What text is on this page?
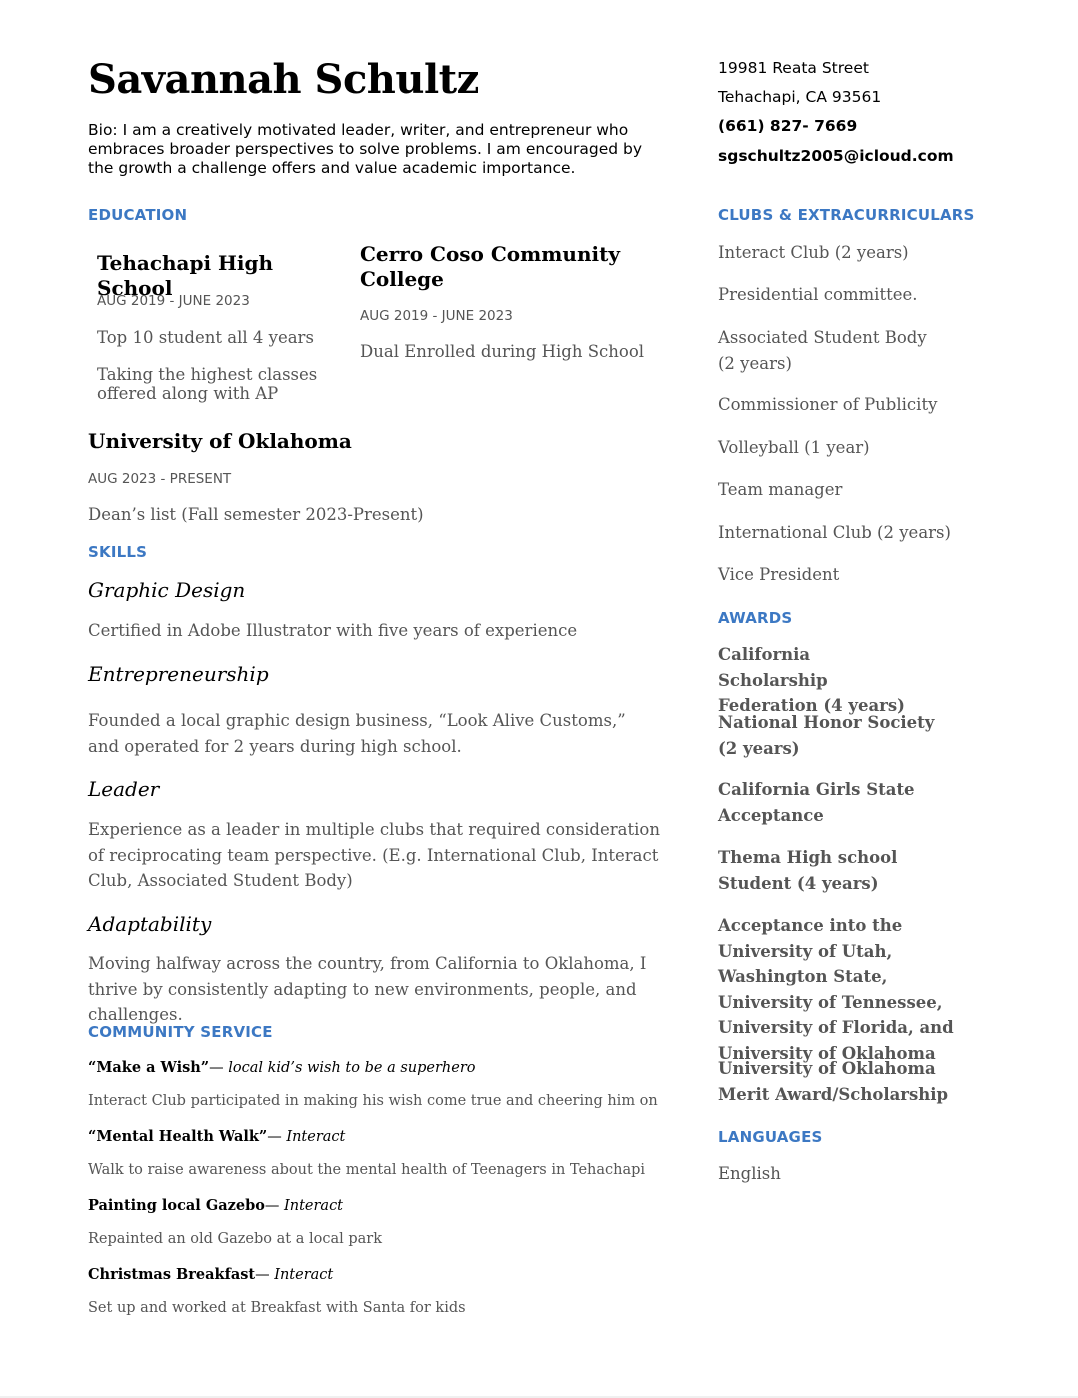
Savannah Schultz
Bio: I am a creatively motivated leader, writer, and entrepreneur who embraces broader perspectives to solve problems. I am encouraged by the growth a challenge offers and value academic importance.
19981 Reata Street
Tehachapi, CA 93561
(661) 827- 7669
sgschultz2005@icloud.com
EDUCATION
Tehachapi High School
AUG 2019 - JUNE 2023
Top 10 student all 4 years
Taking the highest classes offered along with AP
Cerro Coso Community College
AUG 2019 - JUNE 2023
Dual Enrolled during High School
University of Oklahoma
AUG 2023 - PRESENT
Dean’s list (Fall semester 2023-Present)
SKILLS
Graphic Design
Certified in Adobe Illustrator with five years of experience
Entrepreneurship
Founded a local graphic design business, “Look Alive Customs,” and operated for 2 years during high school.
Leader
Experience as a leader in multiple clubs that required consideration of reciprocating team perspective. (E.g. International Club, Interact Club, Associated Student Body)
Adaptability
Moving halfway across the country, from California to Oklahoma, I thrive by consistently adapting to new environments, people, and challenges.
COMMUNITY SERVICE
“Make a Wish”— local kid’s wish to be a superhero
Interact Club participated in making his wish come true and cheering him on
“Mental Health Walk”— Interact
Walk to raise awareness about the mental health of Teenagers in Tehachapi
Painting local Gazebo— Interact
Repainted an old Gazebo at a local park
Christmas Breakfast— Interact
Set up and worked at Breakfast with Santa for kids
CLUBS & EXTRACURRICULARS
Interact Club (2 years)
Presidential committee.
Associated Student Body (2 years)
Commissioner of Publicity
Volleyball (1 year)
Team manager
International Club (2 years)
Vice President
AWARDS
California Scholarship Federation (4 years)
National Honor Society (2 years)
California Girls State Acceptance
Thema High school Student (4 years)
Acceptance into the University of Utah, Washington State, University of Tennessee, University of Florida, and University of Oklahoma
University of Oklahoma Merit Award/Scholarship
LANGUAGES
English
